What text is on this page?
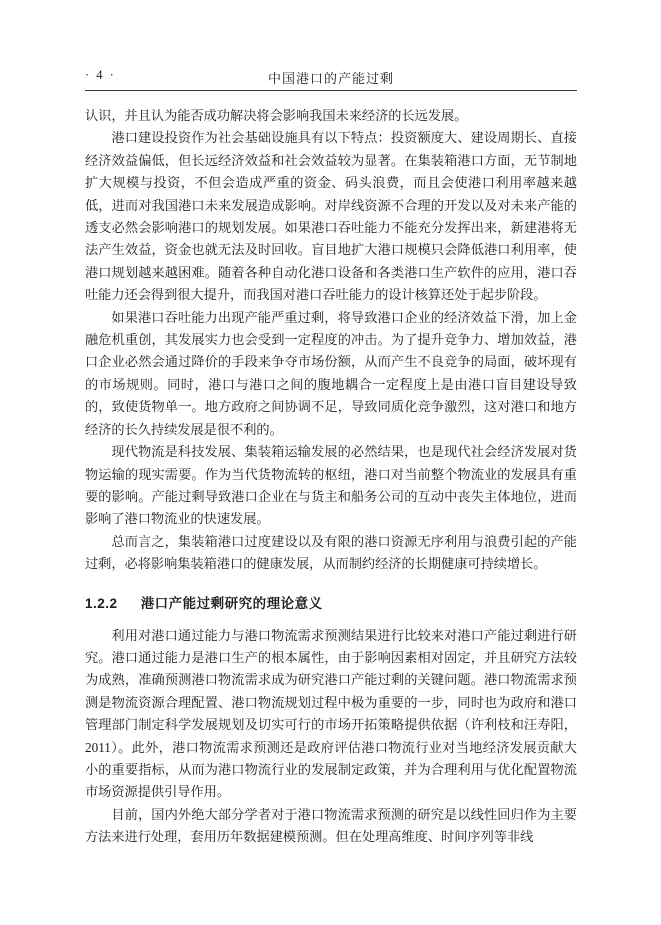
· 4 ·	中国港口的产能过剩

认识，并且认为能否成功解决将会影响我国未来经济的长远发展。

港口建设投资作为社会基础设施具有以下特点：投资额度大、建设周期长、直接经济效益偏低，但长远经济效益和社会效益较为显著。在集装箱港口方面，无节制地扩大规模与投资，不但会造成严重的资金、码头浪费，而且会使港口利用率越来越低，进而对我国港口未来发展造成影响。对岸线资源不合理的开发以及对未来产能的透支必然会影响港口的规划发展。如果港口吞吐能力不能充分发挥出来，新建港将无法产生效益，资金也就无法及时回收。盲目地扩大港口规模只会降低港口利用率，使港口规划越来越困难。随着各种自动化港口设备和各类港口生产软件的应用，港口吞吐能力还会得到很大提升，而我国对港口吞吐能力的设计核算还处于起步阶段。

如果港口吞吐能力出现产能严重过剩，将导致港口企业的经济效益下滑，加上金融危机重创，其发展实力也会受到一定程度的冲击。为了提升竞争力、增加效益，港口企业必然会通过降价的手段来争夺市场份额，从而产生不良竞争的局面，破坏现有的市场规则。同时，港口与港口之间的腹地耦合一定程度上是由港口盲目建设导致的，致使货物单一。地方政府之间协调不足，导致同质化竞争激烈，这对港口和地方经济的长久持续发展是很不利的。

现代物流是科技发展、集装箱运输发展的必然结果，也是现代社会经济发展对货物运输的现实需要。作为当代货物流转的枢纽，港口对当前整个物流业的发展具有重要的影响。产能过剩导致港口企业在与货主和船务公司的互动中丧失主体地位，进而影响了港口物流业的快速发展。

总而言之，集装箱港口过度建设以及有限的港口资源无序利用与浪费引起的产能过剩，必将影响集装箱港口的健康发展，从而制约经济的长期健康可持续增长。

1.2.2 港口产能过剩研究的理论意义

利用对港口通过能力与港口物流需求预测结果进行比较来对港口产能过剩进行研究。港口通过能力是港口生产的根本属性，由于影响因素相对固定，并且研究方法较为成熟，准确预测港口物流需求成为研究港口产能过剩的关键问题。港口物流需求预测是物流资源合理配置、港口物流规划过程中极为重要的一步，同时也为政府和港口管理部门制定科学发展规划及切实可行的市场开拓策略提供依据（许利枝和汪寿阳，2011）。此外，港口物流需求预测还是政府评估港口物流行业对当地经济发展贡献大小的重要指标，从而为港口物流行业的发展制定政策，并为合理利用与优化配置物流市场资源提供引导作用。

目前，国内外绝大部分学者对于港口物流需求预测的研究是以线性回归作为主要方法来进行处理，套用历年数据建模预测。但在处理高维度、时间序列等非线
